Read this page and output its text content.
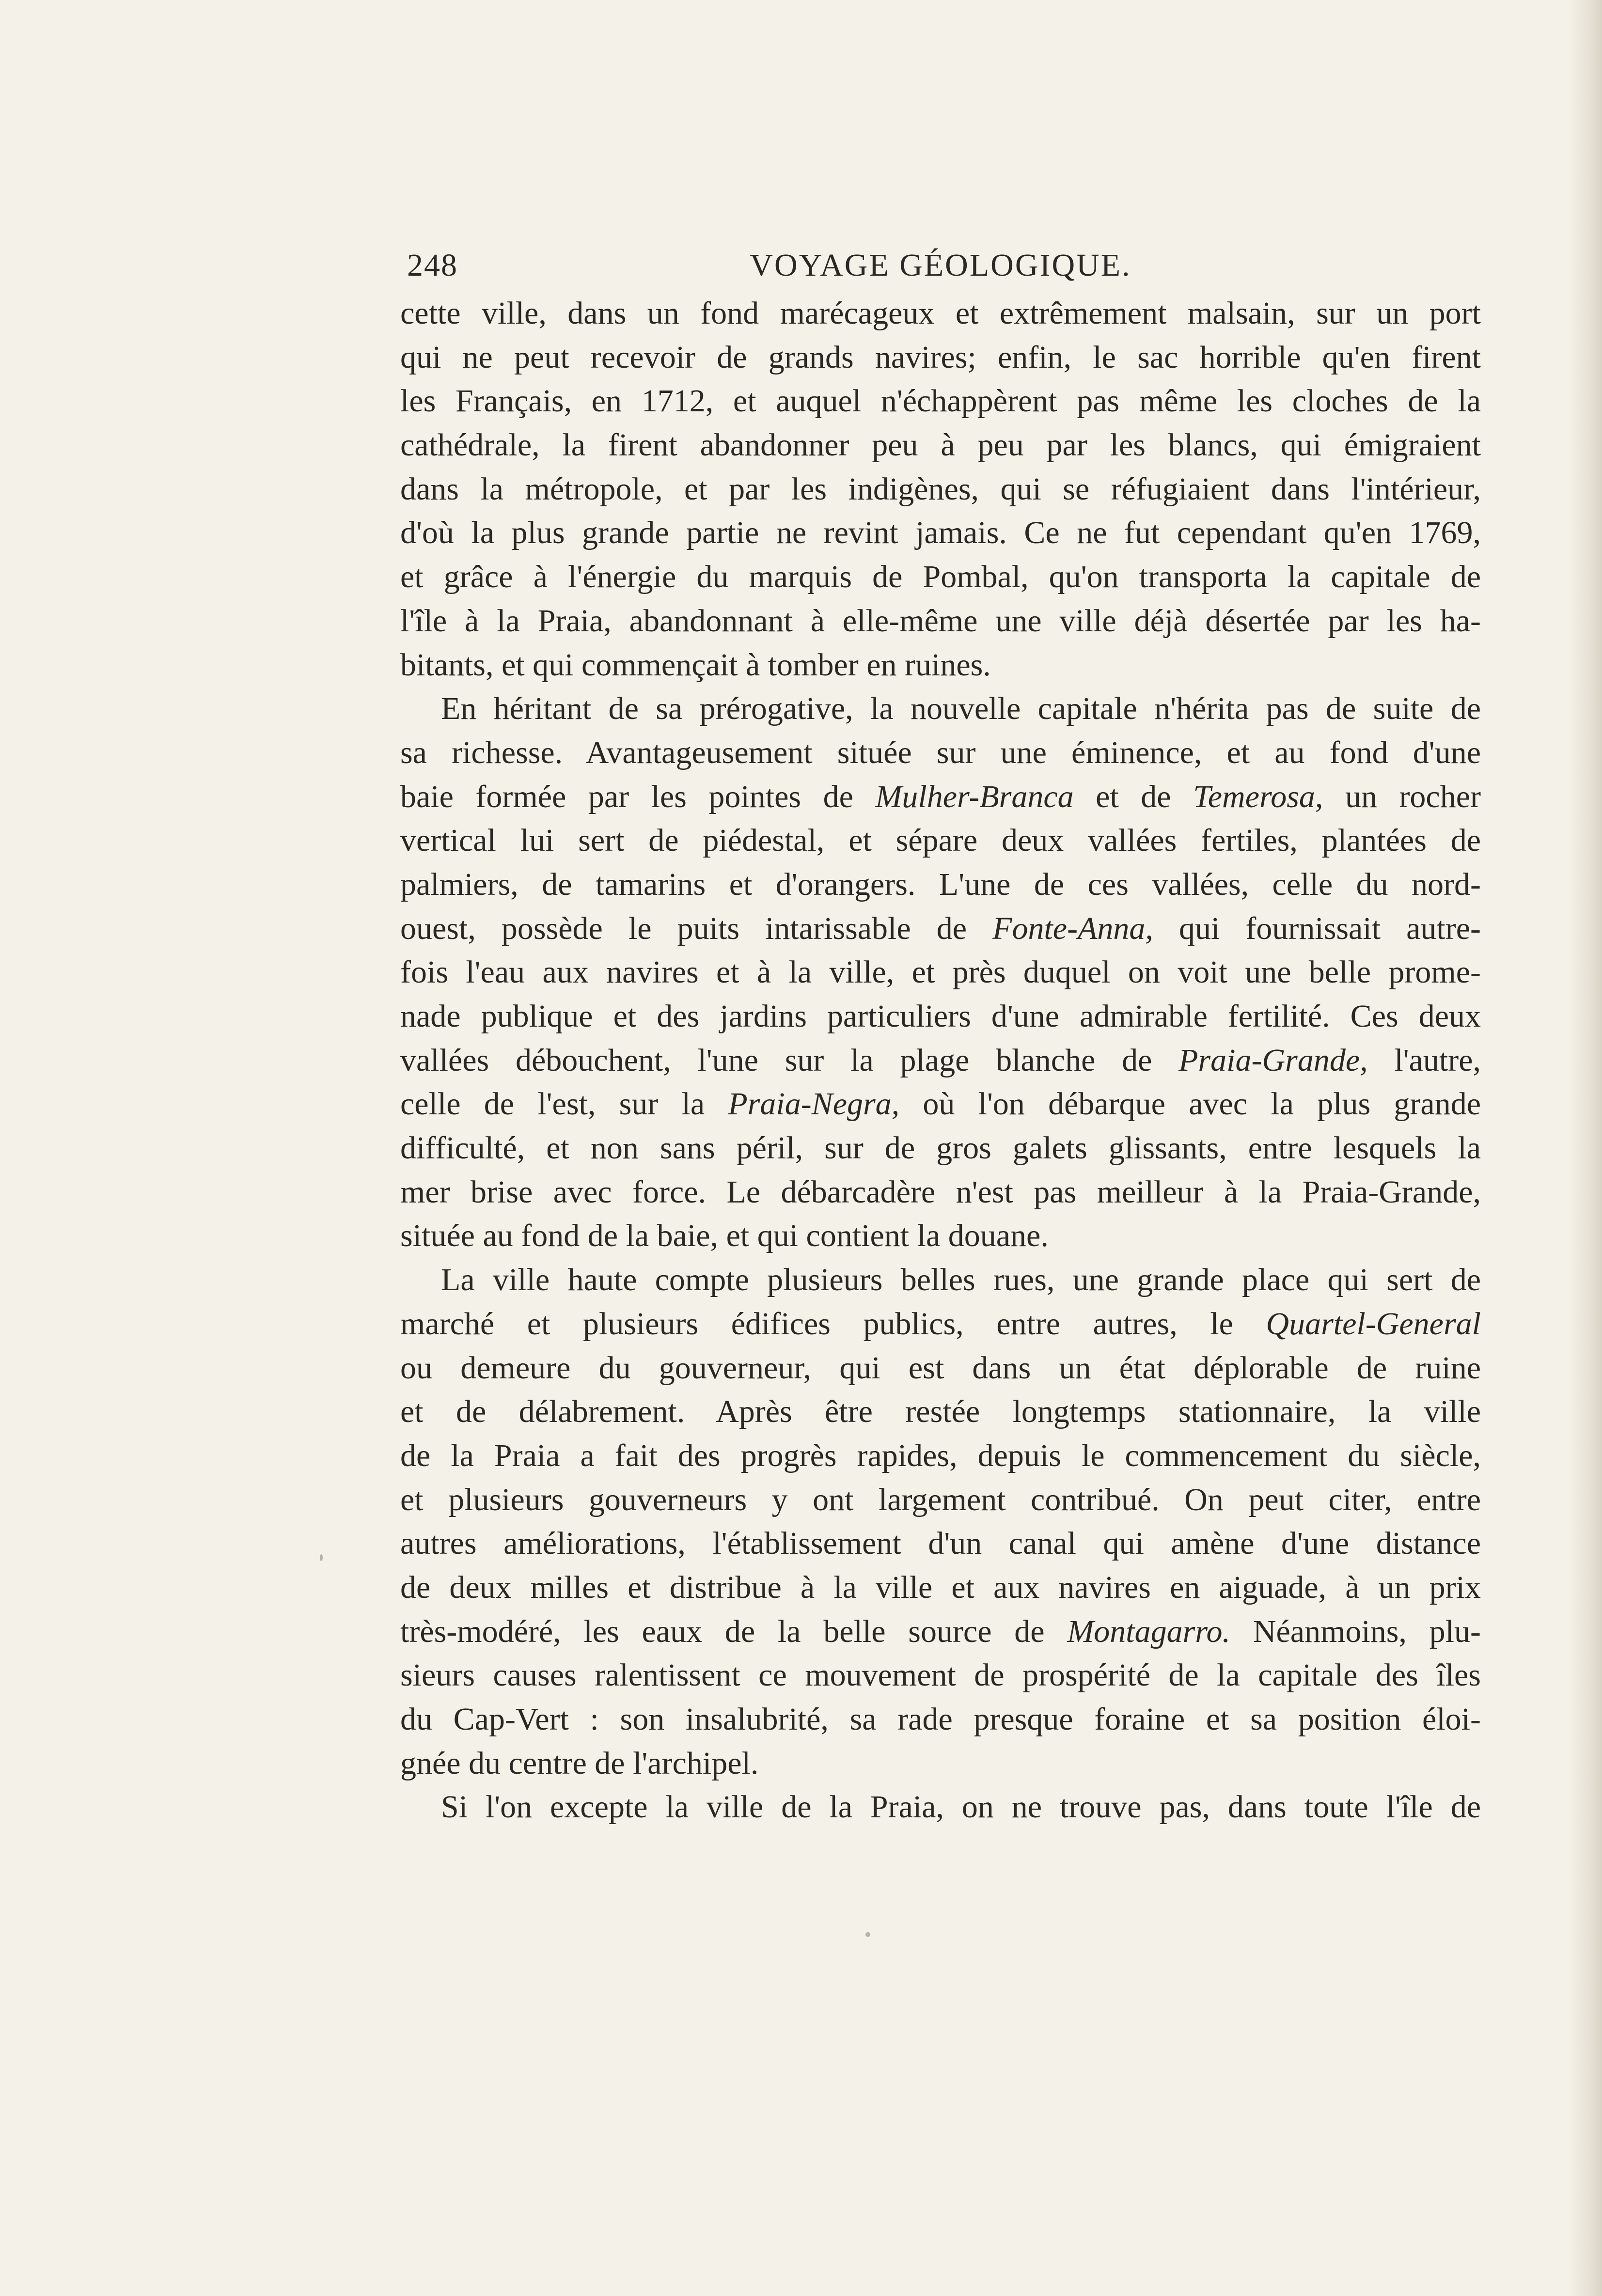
248	VOYAGE GÉOLOGIQUE.
cette ville, dans un fond marécageux et extrêmement malsain, sur un port
qui ne peut recevoir de grands navires; enfin, le sac horrible qu'en firent
les Français, en 1712, et auquel n'échappèrent pas même les cloches de la
cathédrale, la firent abandonner peu à peu par les blancs, qui émigraient
dans la métropole, et par les indigènes, qui se réfugiaient dans l'intérieur,
d'où la plus grande partie ne revint jamais. Ce ne fut cependant qu'en 1769,
et grâce à l'énergie du marquis de Pombal, qu'on transporta la capitale de
l'île à la Praia, abandonnant à elle-même une ville déjà désertée par les ha-
bitants, et qui commençait à tomber en ruines.
En héritant de sa prérogative, la nouvelle capitale n'hérita pas de suite de
sa richesse. Avantageusement située sur une éminence, et au fond d'une
baie formée par les pointes de Mulher-Branca et de Temerosa, un rocher
vertical lui sert de piédestal, et sépare deux vallées fertiles, plantées de
palmiers, de tamarins et d'orangers. L'une de ces vallées, celle du nord-
ouest, possède le puits intarissable de Fonte-Anna, qui fournissait autre-
fois l'eau aux navires et à la ville, et près duquel on voit une belle prome-
nade publique et des jardins particuliers d'une admirable fertilité. Ces deux
vallées débouchent, l'une sur la plage blanche de Praia-Grande, l'autre,
celle de l'est, sur la Praia-Negra, où l'on débarque avec la plus grande
difficulté, et non sans péril, sur de gros galets glissants, entre lesquels la
mer brise avec force. Le débarcadère n'est pas meilleur à la Praia-Grande,
située au fond de la baie, et qui contient la douane.
La ville haute compte plusieurs belles rues, une grande place qui sert de
marché et plusieurs édifices publics, entre autres, le Quartel-General
ou demeure du gouverneur, qui est dans un état déplorable de ruine
et de délabrement. Après être restée longtemps stationnaire, la ville
de la Praia a fait des progrès rapides, depuis le commencement du siècle,
et plusieurs gouverneurs y ont largement contribué. On peut citer, entre
autres améliorations, l'établissement d'un canal qui amène d'une distance
de deux milles et distribue à la ville et aux navires en aiguade, à un prix
très-modéré, les eaux de la belle source de Montagarro. Néanmoins, plu-
sieurs causes ralentissent ce mouvement de prospérité de la capitale des îles
du Cap-Vert : son insalubrité, sa rade presque foraine et sa position éloi-
gnée du centre de l'archipel.
Si l'on excepte la ville de la Praia, on ne trouve pas, dans toute l'île de
